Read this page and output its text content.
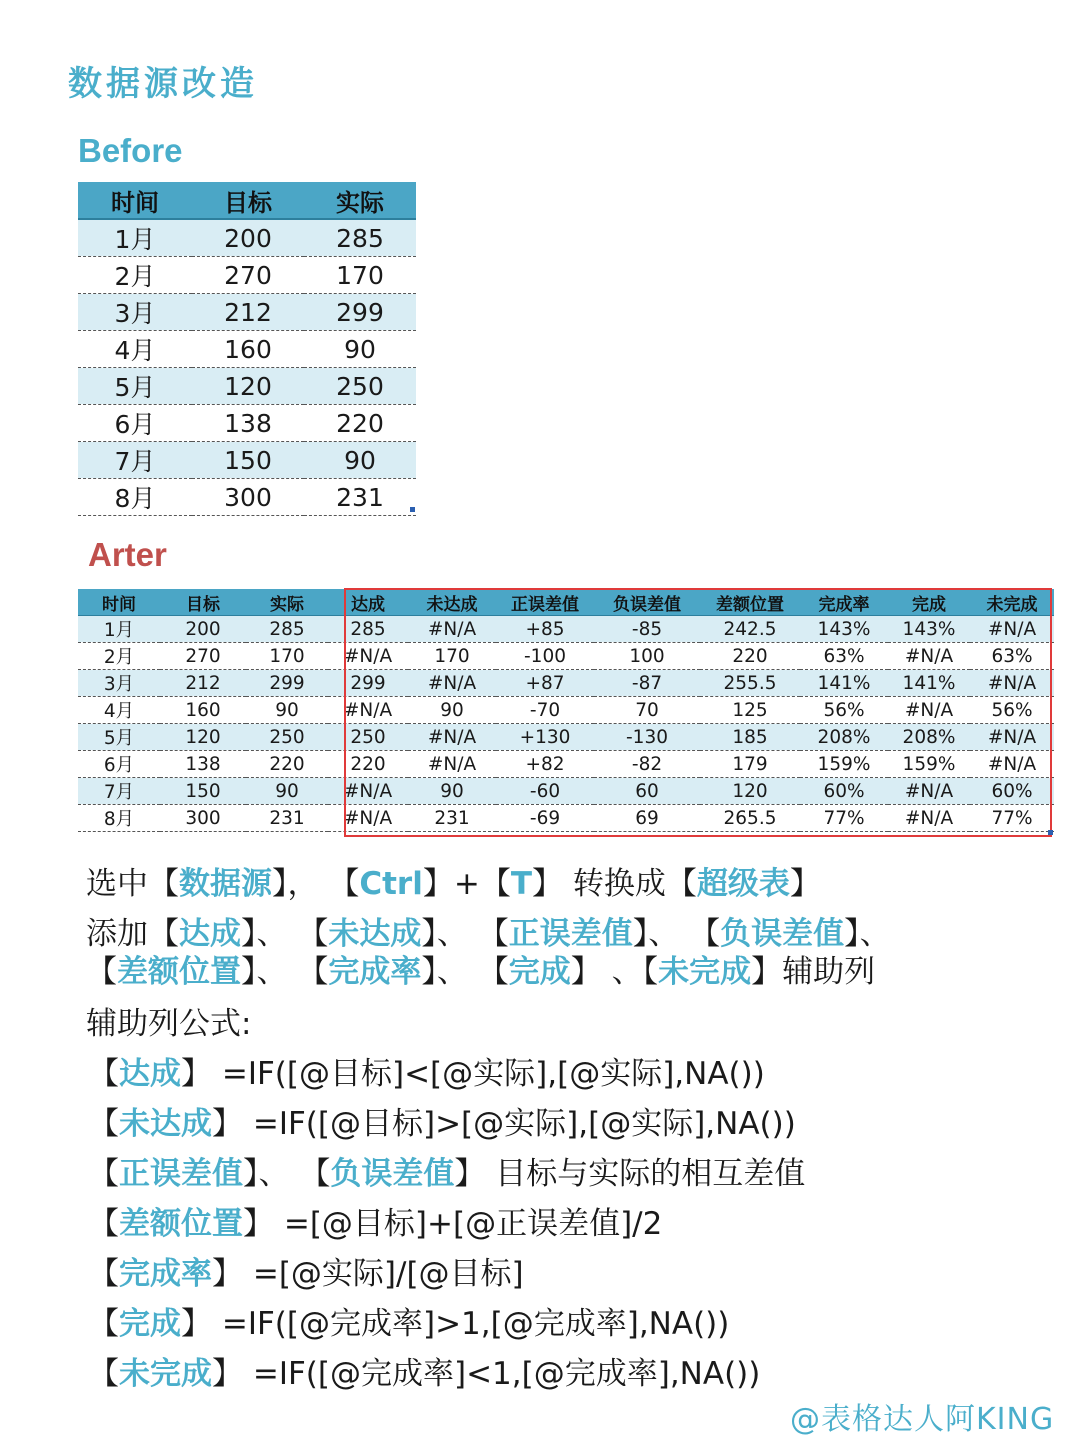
数据源改造
Before
时间	目标	实际
1月	200	285
2月	270	170
3月	212	299
4月	160	90
5月	120	250
6月	138	220
7月	150	90
8月	300	231
Arter
时间	目标	实际	达成	未达成	正误差值	负误差值	差额位置	完成率	完成	未完成
1月	200	285	285	#N/A	+85	-85	242.5	143%	143%	#N/A
2月	270	170	#N/A	170	-100	100	220	63%	#N/A	63%
3月	212	299	299	#N/A	+87	-87	255.5	141%	141%	#N/A
4月	160	90	#N/A	90	-70	70	125	56%	#N/A	56%
5月	120	250	250	#N/A	+130	-130	185	208%	208%	#N/A
6月	138	220	220	#N/A	+82	-82	179	159%	159%	#N/A
7月	150	90	#N/A	90	-60	60	120	60%	#N/A	60%
8月	300	231	#N/A	231	-69	69	265.5	77%	#N/A	77%
选中【数据源】， 【Ctrl】+【T】 转换成【超级表】
添加【达成】、 【未达成】、 【正误差值】、 【负误差值】、
【差额位置】、 【完成率】、 【完成】 、【未完成】辅助列
辅助列公式:
【达成】 =IF([@目标]<[@实际],[@实际],NA())
【未达成】 =IF([@目标]>[@实际],[@实际],NA())
【正误差值】、 【负误差值】 目标与实际的相互差值
【差额位置】 =[@目标]+[@正误差值]/2
【完成率】 =[@实际]/[@目标]
【完成】 =IF([@完成率]>1,[@完成率],NA())
【未完成】 =IF([@完成率]<1,[@完成率],NA())
@表格达人阿KING
